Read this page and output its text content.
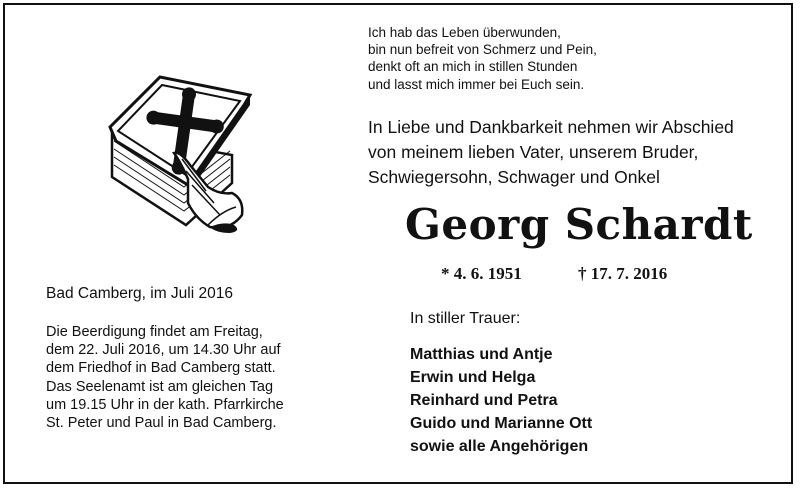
Ich hab das Leben überwunden,
bin nun befreit von Schmerz und Pein,
denkt oft an mich in stillen Stunden
und lasst mich immer bei Euch sein.
In Liebe und Dankbarkeit nehmen wir Abschied
von meinem lieben Vater, unserem Bruder,
Schwiegersohn, Schwager und Onkel
Georg Schardt
* 4. 6. 1951	† 17. 7. 2016
In stiller Trauer:
Matthias und Antje
Erwin und Helga
Reinhard und Petra
Guido und Marianne Ott
sowie alle Angehörigen
Bad Camberg, im Juli 2016
Die Beerdigung findet am Freitag,
dem 22. Juli 2016, um 14.30 Uhr auf
dem Friedhof in Bad Camberg statt.
Das Seelenamt ist am gleichen Tag
um 19.15 Uhr in der kath. Pfarrkirche
St. Peter und Paul in Bad Camberg.
